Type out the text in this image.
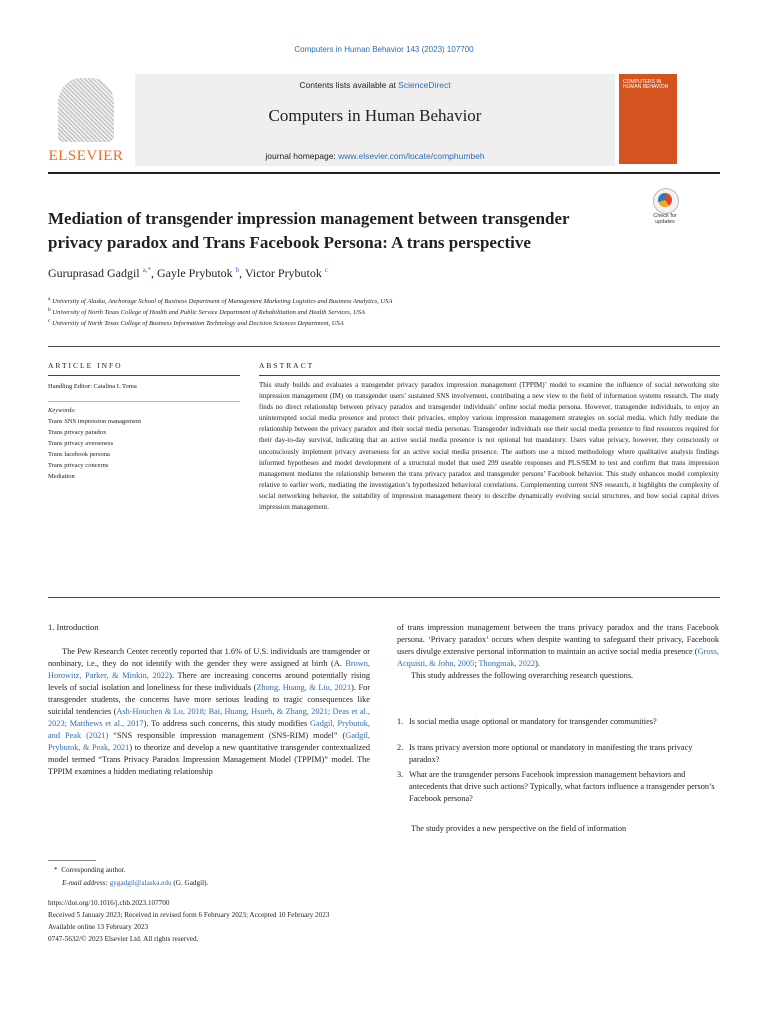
Computers in Human Behavior 143 (2023) 107700
ELSEVIER
Contents lists available at ScienceDirect
Computers in Human Behavior
journal homepage: www.elsevier.com/locate/comphumbeh
COMPUTERS IN HUMAN BEHAVIOR
Mediation of transgender impression management between transgender
privacy paradox and Trans Facebook Persona: A trans perspective
Check for updates
Guruprasad Gadgil $^{a,*}$, Gayle Prybutok $^b$, Victor Prybutok $^c$
$^a$ University of Alaska, Anchorage School of Business Department of Management Marketing Logistics and Business Analytics, USA
$^b$ University of North Texas College of Health and Public Service Department of Rehabilitation and Health Services, USA
$^c$ University of North Texas College of Business Information Technology and Decision Sciences Department, USA
ARTICLE INFO
Handling Editor: Catalina L Toma
Keywords:
Trans SNS impression management
Trans privacy paradox
Trans privacy averseness
Trans facebook persona
Trans privacy concerns
Mediation
ABSTRACT
This study builds and evaluates a transgender privacy paradox impression management (TPPIM)’ model to examine the influence of social networking site impression management (IM) on transgender users’ sustained SNS involvement, contributing a new view to the field of information systems research. The study finds no direct relationship between privacy paradox and transgender individuals’ online social media persona. However, transgender individuals, to enjoy an uninterrupted social media presence and protect their privacies, employ various impression management strategies on social media, which fully mediate the relationship between the privacy paradox and their social media personas. Transgender individuals use their social media presence to find resources required for their day-to-day survival, indicating that an active social media presence is not optional but mandatory. Users value privacy, however, they consciously or unconsciously implement privacy averseness for an active social media presence. The authors use a mixed methodology where qualitative analysis findings informed hypotheses and model development of a structural model that used 299 useable responses and PLS/SEM to test and confirm that trans impression management mediates the relationship between the trans privacy paradox and transgender persons’ Facebook behavior. This study enhances model complexity relative to earlier work, mediating the investigation’s hypothesized behavioral correlations. Complementing current SNS research, it highlights the complexity of social networking behavior, the suitability of impression management theory to describe dynamically evolving social structures, and how social capital drives impression management.
1. Introduction

The Pew Research Center recently reported that 1.6% of U.S. individuals are transgender or nonbinary, i.e., they do not identify with the gender they were assigned at birth (A. Brown, Horowitz, Parker, & Minkin, 2022). There are increasing concerns around potentially rising levels of social isolation and loneliness for these individuals (Zhong, Huang, & Liu, 2021). For transgender students, the concerns have more serious leading to tragic consequences like suicidal tendencies (Ash-Houchen & Lo, 2018; Bai, Huang, Hsueh, & Zhang, 2021; Deas et al., 2023; Matthews et al., 2017). To address such concerns, this study modifies Gadgil, Prybutok, and Peak (2021) “SNS responsible impression management (SNS-RIM) model” (Gadgil, Prybutok, & Peak, 2021) to theorize and develop a new quantitative transgender contextualized model termed “Trans Privacy Paradox Impression Management Model (TPPIM)” model. The TPPIM examines a hidden mediating relationship

of trans impression management between the trans privacy paradox and the trans Facebook persona. ‘Privacy paradox’ occurs when despite wanting to safeguard their privacy, Facebook users divulge extensive personal information to maintain an active social media presence (Gross, Acquisti, & John, 2005; Thongmak, 2022).

This study addresses the following overarching research questions.

1. Is social media usage optional or mandatory for transgender communities?
2. Is trans privacy aversion more optional or mandatory in manifesting the trans privacy paradox?
3. What are the transgender persons Facebook impression management behaviors and antecedents that drive such actions? Typically, what factors influence a transgender person’s Facebook persona?

The study provides a new perspective on the field of information

* Corresponding author.
E-mail address: gygadgil@alaska.edu (G. Gadgil).
https://doi.org/10.1016/j.chb.2023.107700
Received 5 January 2023; Received in revised form 6 February 2023; Accepted 10 February 2023
Available online 13 February 2023
0747-5632/© 2023 Elsevier Ltd. All rights reserved.
